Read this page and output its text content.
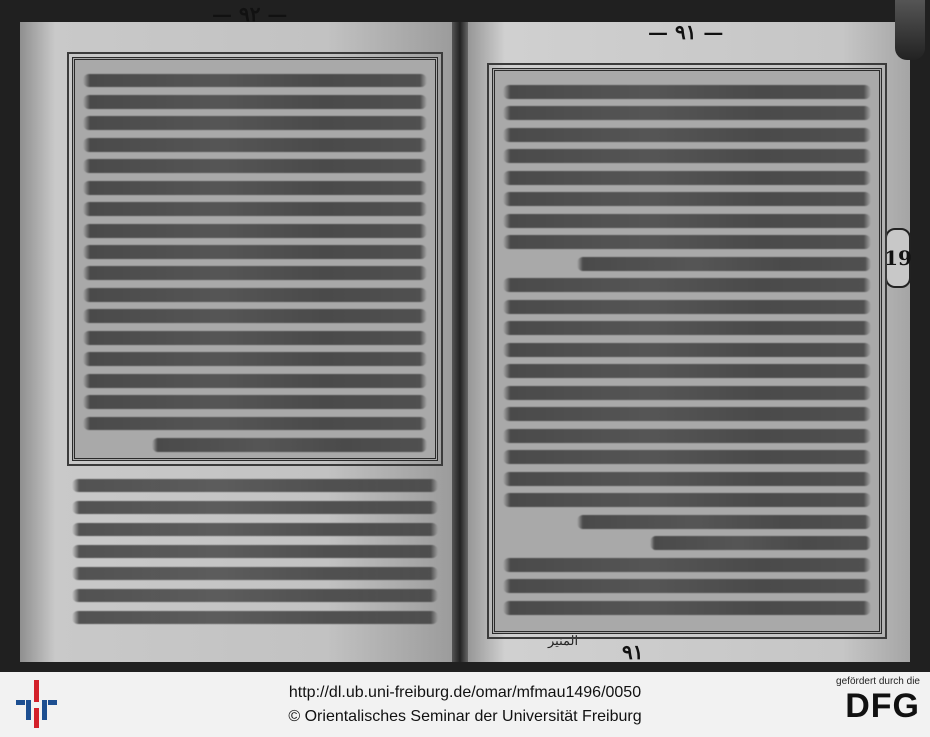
— ٩٢ —
— ٩١ —
٩١
المنير
19
http://dl.ub.uni-freiburg.de/omar/mfmau1496/0050
© Orientalisches Seminar der Universität Freiburg
gefördert durch die
DFG
